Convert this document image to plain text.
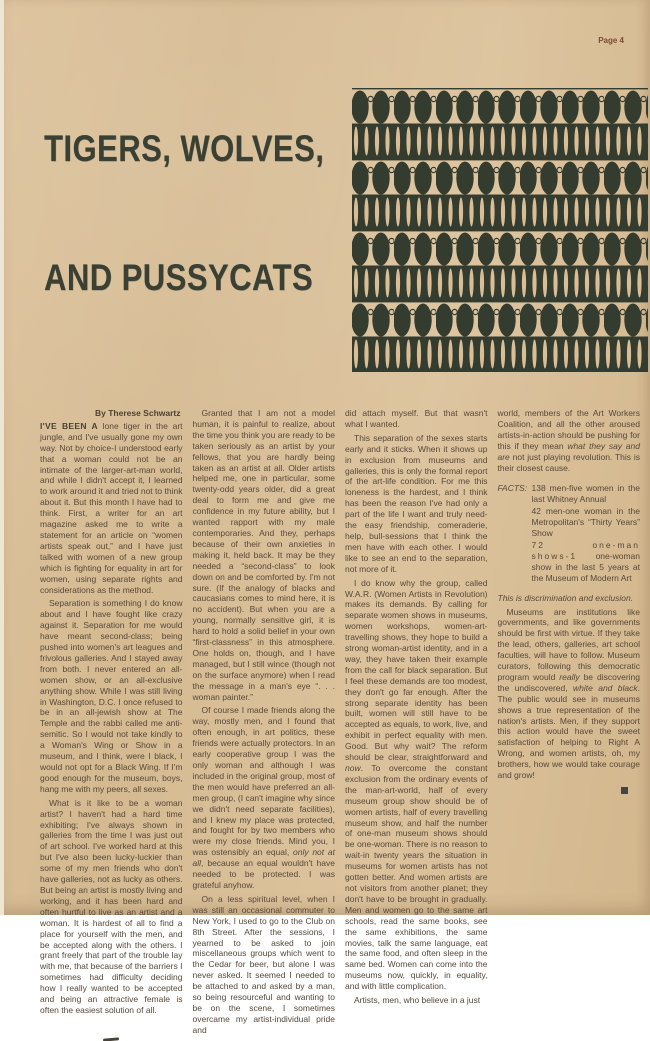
Page 4
TIGERS, WOLVES,
AND PUSSYCATS

By Therese Schwartz

I'VE BEEN A lone tiger in the art jungle, and I've usually gone my own way. Not by choice-I understood early that a woman could not be an intimate of the larger-art-man world, and while I didn't accept it, I learned to work around it and tried not to think about it. But this month I have had to think. First, a writer for an art magazine asked me to write a statement for an article on “women artists speak out,” and I have just talked with women of a new group which is fighting for equality in art for women, using separate rights and considerations as the method.

Separation is something I do know about and I have fought like crazy against it. Separation for me would have meant second-class; being pushed into women's art leagues and frivolous galleries. And I stayed away from both. I never entered an all-women show, or an all-exclusive anything show. While I was still living in Washington, D.C. I once refused to be in an all-jewish show at The Temple and the rabbi called me anti-semitic. So I would not take kindly to a Woman's Wing or Show in a museum, and I think, were I black, I would not opt for a Black Wing. If I'm good enough for the museum, boys, hang me with my peers, all sexes.

What is it like to be a woman artist? I haven't had a hard time exhibiting; I've always shown in galleries from the time I was just out of art school. I've worked hard at this but I've also been lucky-luckier than some of my men friends who don't have galleries, not as lucky as others. But being an artist is mostly living and working, and it has been hard and often hurtful to live as an artist and a woman. It is hardest of all to find a place for yourself with the men, and be accepted along with the others. I grant freely that part of the trouble lay with me, that because of the barriers I sometimes had difficulty deciding how I really wanted to be accepted and being an attractive female is often the easiest solution of all.

Granted that I am not a model human, it is painful to realize, about the time you think you are ready to be taken seriously as an artist by your fellows, that you are hardly being taken as an artist at all. Older artists helped me, one in particular, some twenty-odd years older, did a great deal to form me and give me confidence in my future ability, but I wanted rapport with my male contemporaries. And they, perhaps because of their own anxieties in making it, held back. It may be they needed a “second-class” to look down on and be comforted by. I'm not sure. (If the analogy of blacks and caucasians comes to mind here, it is no accident). But when you are a young, normally sensitive girl, it is hard to hold a solid belief in your own “first-classness” in this atmosphere. One holds on, though, and I have managed, but I still wince (though not on the surface anymore) when I read the message in a man's eye “. . . woman painter.”

Of course I made friends along the way, mostly men, and I found that often enough, in art politics, these friends were actually protectors. In an early cooperative group I was the only woman and although I was included in the original group, most of the men would have preferred an all-men group, (I can't imagine why since we didn't need separate facilities), and I knew my place was protected, and fought for by two members who were my close friends. Mind you, I was ostensibly an equal, only not at all, because an equal wouldn't have needed to be protected. I was grateful anyhow.

On a less spiritual level, when I was still an occasional commuter to New York, I used to go to the Club on 8th Street. After the sessions, I yearned to be asked to join miscellaneous groups which went to the Cedar for beer, but alone I was never asked. It seemed I needed to be attached to and asked by a man, so being resourceful and wanting to be on the scene, I sometimes overcame my artist-individual pride and

did attach myself. But that wasn't what I wanted.

This separation of the sexes starts early and it sticks. When it shows up in exclusion from museums and galleries, this is only the formal report of the art-life condition. For me this loneness is the hardest, and I think has been the reason I've had only a part of the life I want and truly need-the easy friendship, comeraderie, help, bull-sessions that I think the men have with each other. I would like to see an end to the separation, not more of it.

I do know why the group, called W.A.R. (Women Artists in Revolution) makes its demands. By calling for separate women shows in museums, women workshops, women-art-travelling shows, they hope to build a strong woman-artist identity, and in a way, they have taken their example from the call for black separation. But I feel these demands are too modest, they don't go far enough. After the strong separate identity has been built, women will still have to be accepted as equals, to work, live, and exhibit in perfect equality with men. Good. But why wait? The reform should be clear, straightforward and now. To overcome the constant exclusion from the ordinary events of the man-art-world, half of every museum group show should be of women artists, half of every travelling museum show, and half the number of one-man museum shows should be one-woman. There is no reason to wait-in twenty years the situation in museums for women artists has not gotten better. And women artists are not visitors from another planet; they don't have to be brought in gradually. Men and women go to the same art schools, read the same books, see the same exhibitions, the same movies, talk the same language, eat the same food, and often sleep in the same bed. Women can come into the museums now, quickly, in equality, and with little complication.

Artists, men, who believe in a just

world, members of the Art Workers Coalition, and all the other aroused artists-in-action should be pushing for this if they mean what they say and are not just playing revolution. This is their closest cause.

FACTS: 138 men-five women in the last Whitney Annual

42 men-one woman in the Metropolitan's “Thirty Years” Show

72 one-man shows-1 one-woman show in the last 5 years at the Museum of Modern Art

This is discrimination and exclusion.

Museums are institutions like governments, and like governments should be first with virtue. If they take the lead, others, galleries, art school faculties, will have to follow. Museum curators, following this democratic program would really be discovering the undiscovered, white and black. The public would see in museums shows a true representation of the nation's artists. Men, if they support this action would have the sweet satisfaction of helping to Right A Wrong, and women artists, oh, my brothers, how we would take courage and grow!
